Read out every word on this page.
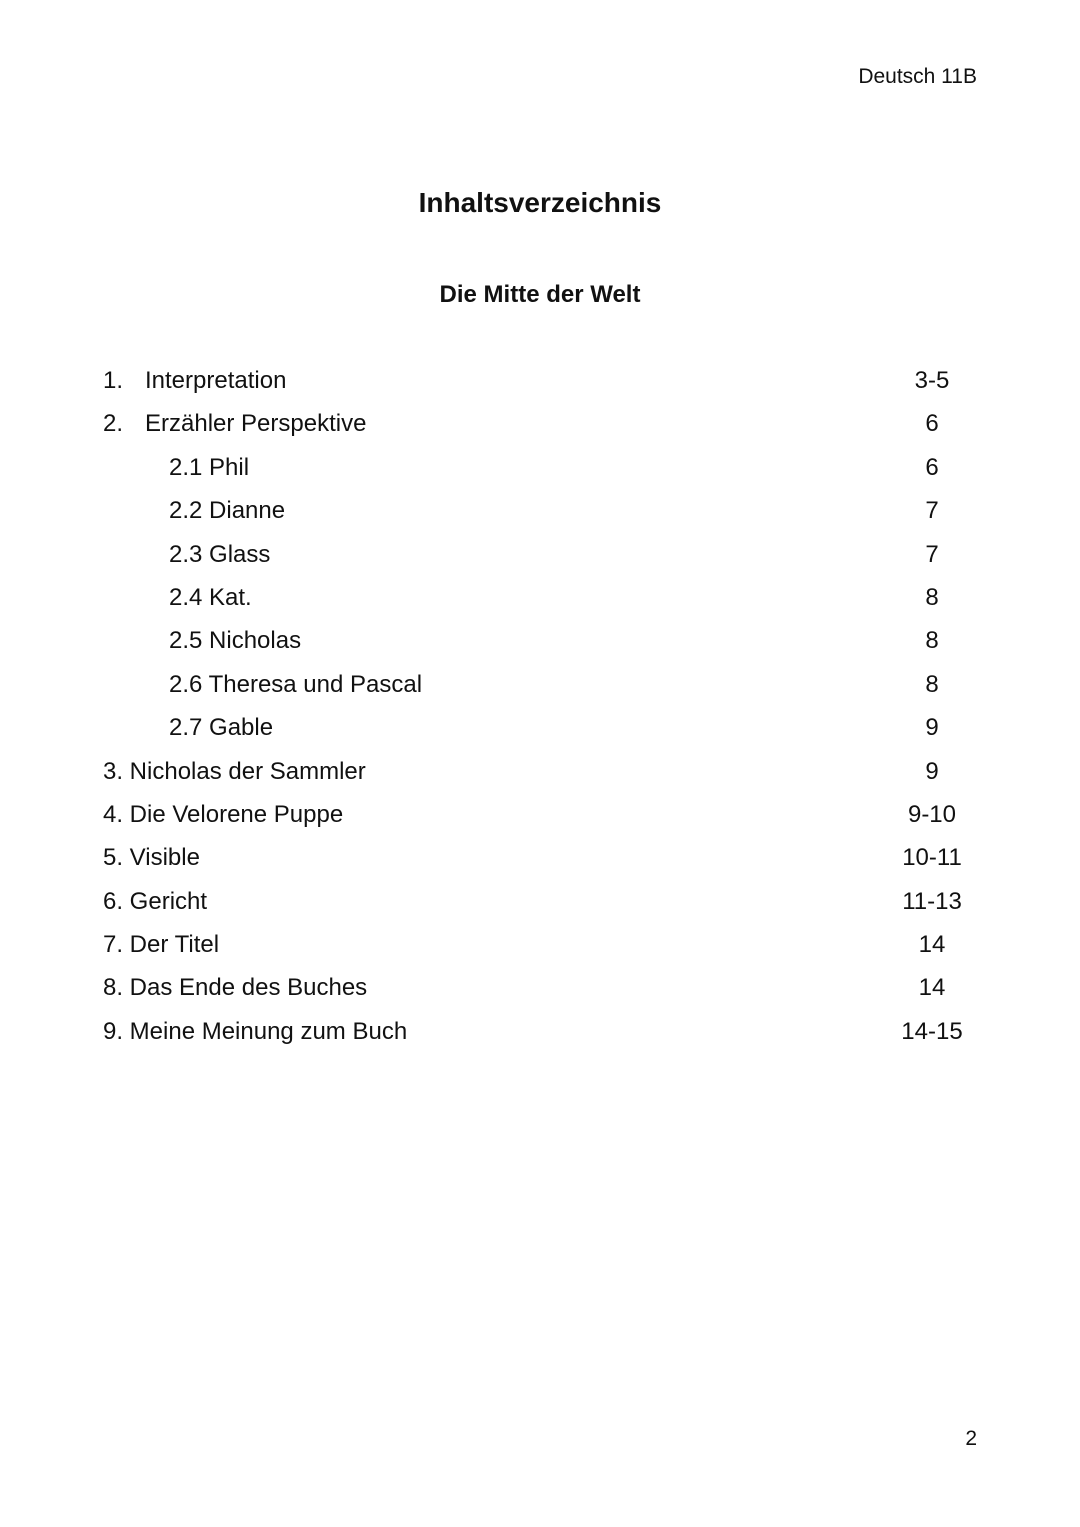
Deutsch 11B
Inhaltsverzeichnis
Die Mitte der Welt
1. Interpretation	3-5
2. Erzähler Perspektive	6
2.1 Phil	6
2.2 Dianne	7
2.3 Glass	7
2.4 Kat.	8
2.5 Nicholas	8
2.6 Theresa und Pascal	8
2.7 Gable	9
3. Nicholas der Sammler	9
4. Die Velorene Puppe	9-10
5. Visible	10-11
6. Gericht	11-13
7. Der Titel	14
8. Das Ende des Buches	14
9. Meine Meinung zum Buch	14-15
2
